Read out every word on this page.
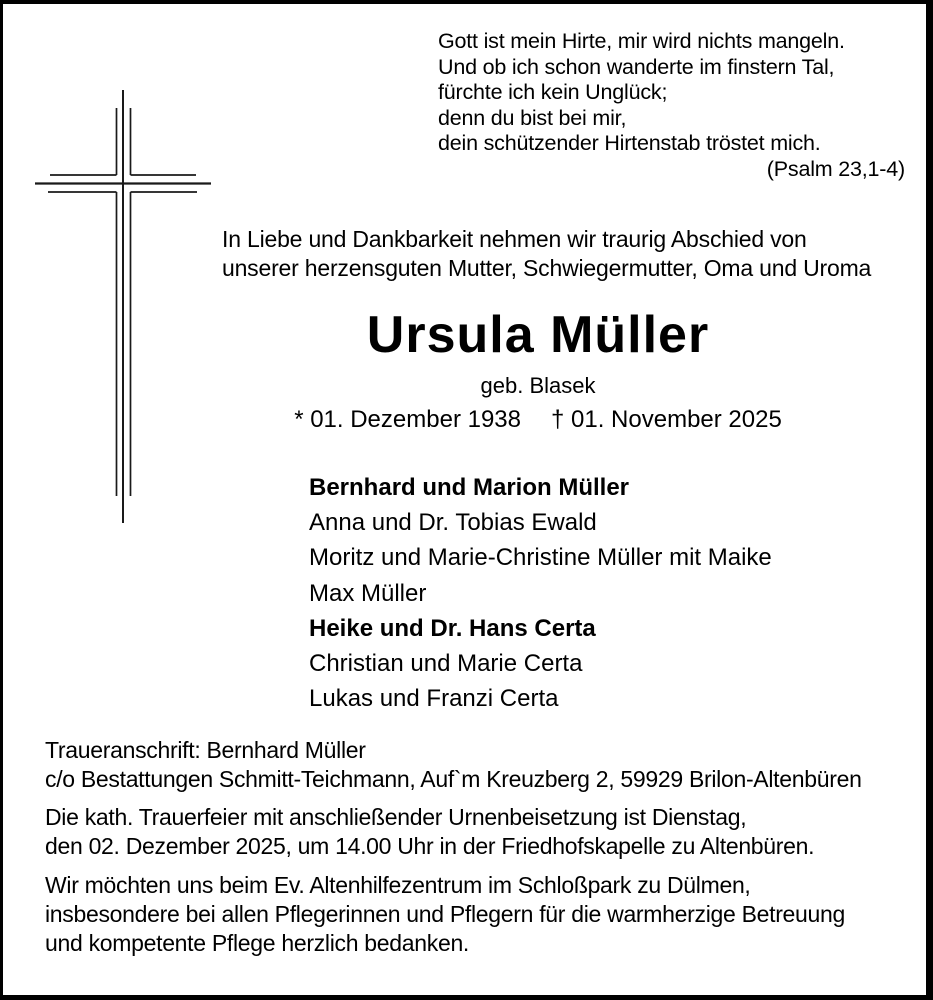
Gott ist mein Hirte, mir wird nichts mangeln.
Und ob ich schon wanderte im finstern Tal,
fürchte ich kein Unglück;
denn du bist bei mir,
dein schützender Hirtenstab tröstet mich.
(Psalm 23,1-4)
In Liebe und Dankbarkeit nehmen wir traurig Abschied von
unserer herzensguten Mutter, Schwiegermutter, Oma und Uroma
Ursula Müller
geb. Blasek
* 01. Dezember 1938 † 01. November 2025
Bernhard und Marion Müller
Anna und Dr. Tobias Ewald
Moritz und Marie-Christine Müller mit Maike
Max Müller
Heike und Dr. Hans Certa
Christian und Marie Certa
Lukas und Franzi Certa
Traueranschrift: Bernhard Müller
c/o Bestattungen Schmitt-Teichmann, Auf`m Kreuzberg 2, 59929 Brilon-Altenbüren
Die kath. Trauerfeier mit anschließender Urnenbeisetzung ist Dienstag,
den 02. Dezember 2025, um 14.00 Uhr in der Friedhofskapelle zu Altenbüren.
Wir möchten uns beim Ev. Altenhilfezentrum im Schloßpark zu Dülmen,
insbesondere bei allen Pflegerinnen und Pflegern für die warmherzige Betreuung
und kompetente Pflege herzlich bedanken.
